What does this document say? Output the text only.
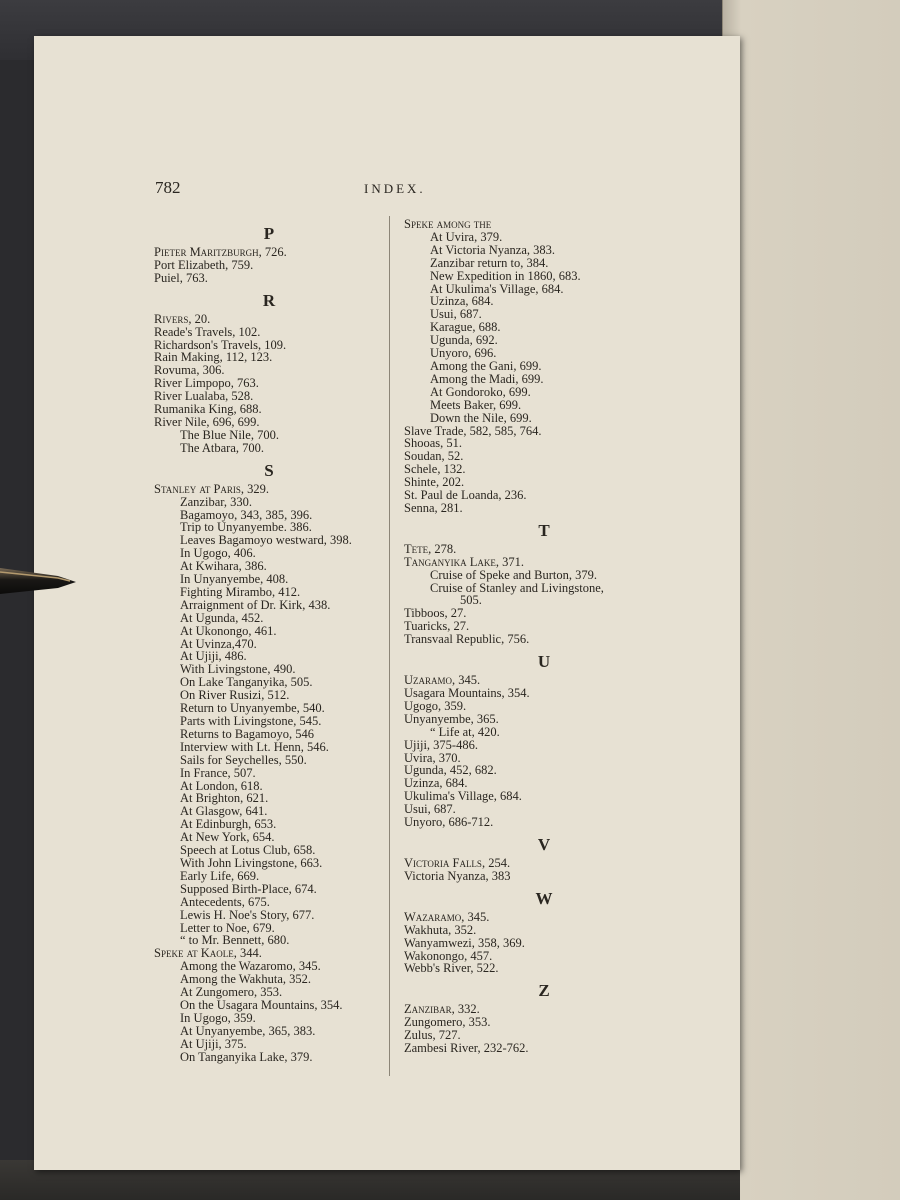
782	INDEX.
P
Pieter Maritzburgh, 726.
Port Elizabeth, 759.
Puiel, 763.
R
Rivers, 20.
Reade's Travels, 102.
Richardson's Travels, 109.
Rain Making, 112, 123.
Rovuma, 306.
River Limpopo, 763.
River Lualaba, 528.
Rumanika King, 688.
River Nile, 696, 699.
The Blue Nile, 700.
The Atbara, 700.
S
Stanley at Paris, 329.
Zanzibar, 330.
Bagamoyo, 343, 385, 396.
Trip to Unyanyembe. 386.
Leaves Bagamoyo westward, 398.
In Ugogo, 406.
At Kwihara, 386.
In Unyanyembe, 408.
Fighting Mirambo, 412.
Arraignment of Dr. Kirk, 438.
At Ugunda, 452.
At Ukonongo, 461.
At Uvinza,470.
At Ujiji, 486.
With Livingstone, 490.
On Lake Tanganyika, 505.
On River Rusizi, 512.
Return to Unyanyembe, 540.
Parts with Livingstone, 545.
Returns to Bagamoyo, 546
Interview with Lt. Henn, 546.
Sails for Seychelles, 550.
In France, 507.
At London, 618.
At Brighton, 621.
At Glasgow, 641.
At Edinburgh, 653.
At New York, 654.
Speech at Lotus Club, 658.
With John Livingstone, 663.
Early Life, 669.
Supposed Birth-Place, 674.
Antecedents, 675.
Lewis H. Noe's Story, 677.
Letter to Noe, 679.
“ to Mr. Bennett, 680.
Speke at Kaole, 344.
Among the Wazaromo, 345.
Among the Wakhuta, 352.
At Zungomero, 353.
On the Usagara Mountains, 354.
In Ugogo, 359.
At Unyanyembe, 365, 383.
At Ujiji, 375.
On Tanganyika Lake, 379.
Speke among the
At Uvira, 379.
At Victoria Nyanza, 383.
Zanzibar return to, 384.
New Expedition in 1860, 683.
At Ukulima's Village, 684.
Uzinza, 684.
Usui, 687.
Karague, 688.
Ugunda, 692.
Unyoro, 696.
Among the Gani, 699.
Among the Madi, 699.
At Gondoroko, 699.
Meets Baker, 699.
Down the Nile, 699.
Slave Trade, 582, 585, 764.
Shooas, 51.
Soudan, 52.
Schele, 132.
Shinte, 202.
St. Paul de Loanda, 236.
Senna, 281.
T
Tete, 278.
Tanganyika Lake, 371.
Cruise of Speke and Burton, 379.
Cruise of Stanley and Livingstone,
505.
Tibboos, 27.
Tuaricks, 27.
Transvaal Republic, 756.
U
Uzaramo, 345.
Usagara Mountains, 354.
Ugogo, 359.
Unyanyembe, 365.
“ Life at, 420.
Ujiji, 375-486.
Uvira, 370.
Ugunda, 452, 682.
Uzinza, 684.
Ukulima's Village, 684.
Usui, 687.
Unyoro, 686-712.
V
Victoria Falls, 254.
Victoria Nyanza, 383
W
Wazaramo, 345.
Wakhuta, 352.
Wanyamwezi, 358, 369.
Wakonongo, 457.
Webb's River, 522.
Z
Zanzibar, 332.
Zungomero, 353.
Zulus, 727.
Zambesi River, 232-762.
